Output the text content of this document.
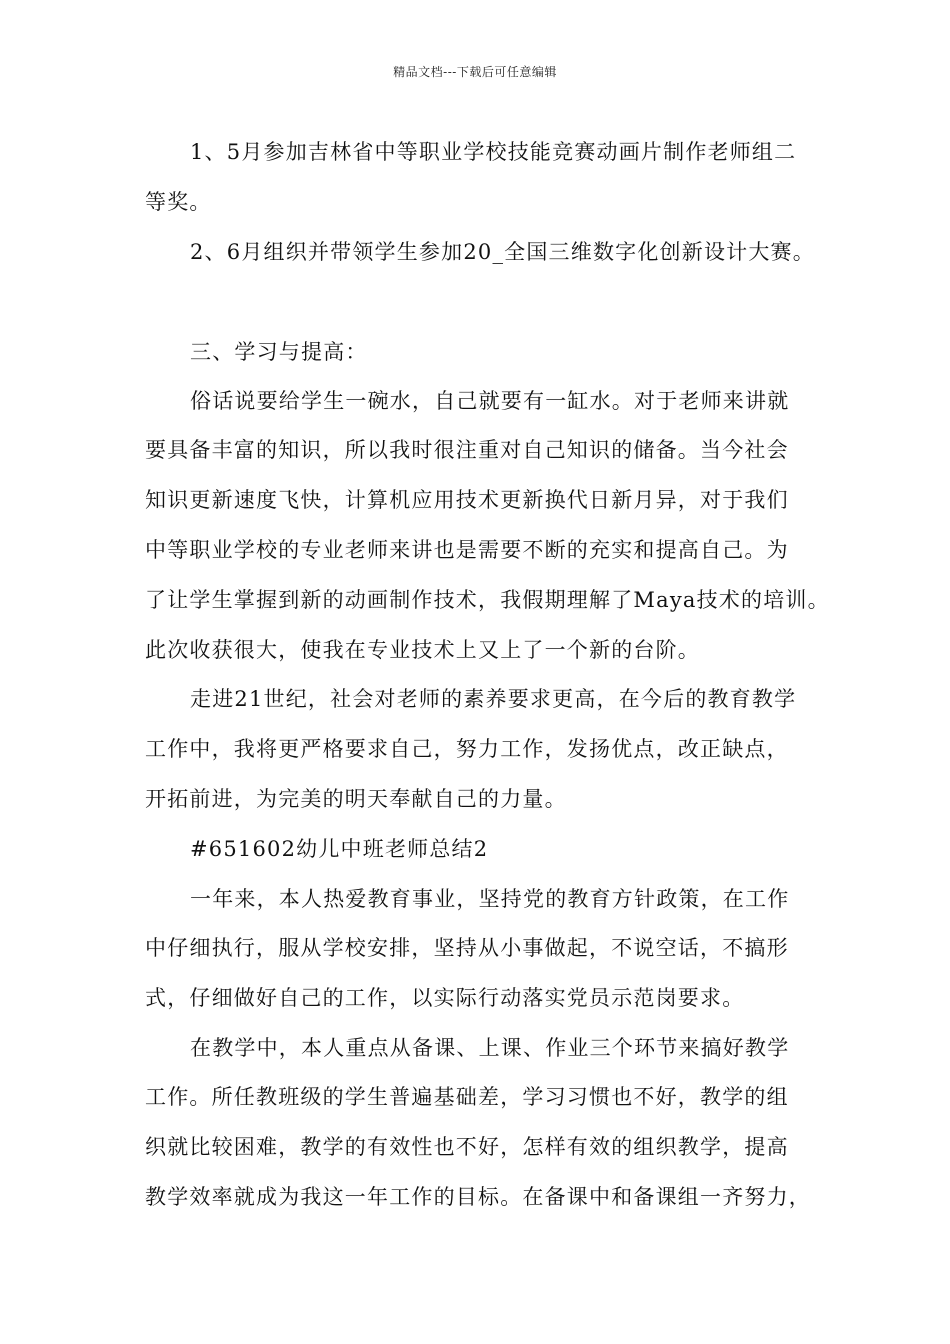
精品文档---下载后可任意编辑
1、5月参加吉林省中等职业学校技能竞赛动画片制作老师组二
等奖。
2、6月组织并带领学生参加20_全国三维数字化创新设计大赛。
三、学习与提高：
俗话说要给学生一碗水，自己就要有一缸水。对于老师来讲就
要具备丰富的知识，所以我时很注重对自己知识的储备。当今社会
知识更新速度飞快，计算机应用技术更新换代日新月异，对于我们
中等职业学校的专业老师来讲也是需要不断的充实和提高自己。为
了让学生掌握到新的动画制作技术，我假期理解了Maya技术的培训。
此次收获很大，使我在专业技术上又上了一个新的台阶。
走进21世纪，社会对老师的素养要求更高，在今后的教育教学
工作中，我将更严格要求自己，努力工作，发扬优点，改正缺点，
开拓前进，为完美的明天奉献自己的力量。
#651602幼儿中班老师总结2
一年来，本人热爱教育事业，坚持党的教育方针政策，在工作
中仔细执行，服从学校安排，坚持从小事做起，不说空话，不搞形
式，仔细做好自己的工作，以实际行动落实党员示范岗要求。
在教学中，本人重点从备课、上课、作业三个环节来搞好教学
工作。所任教班级的学生普遍基础差，学习习惯也不好，教学的组
织就比较困难，教学的有效性也不好，怎样有效的组织教学，提高
教学效率就成为我这一年工作的目标。在备课中和备课组一齐努力，
